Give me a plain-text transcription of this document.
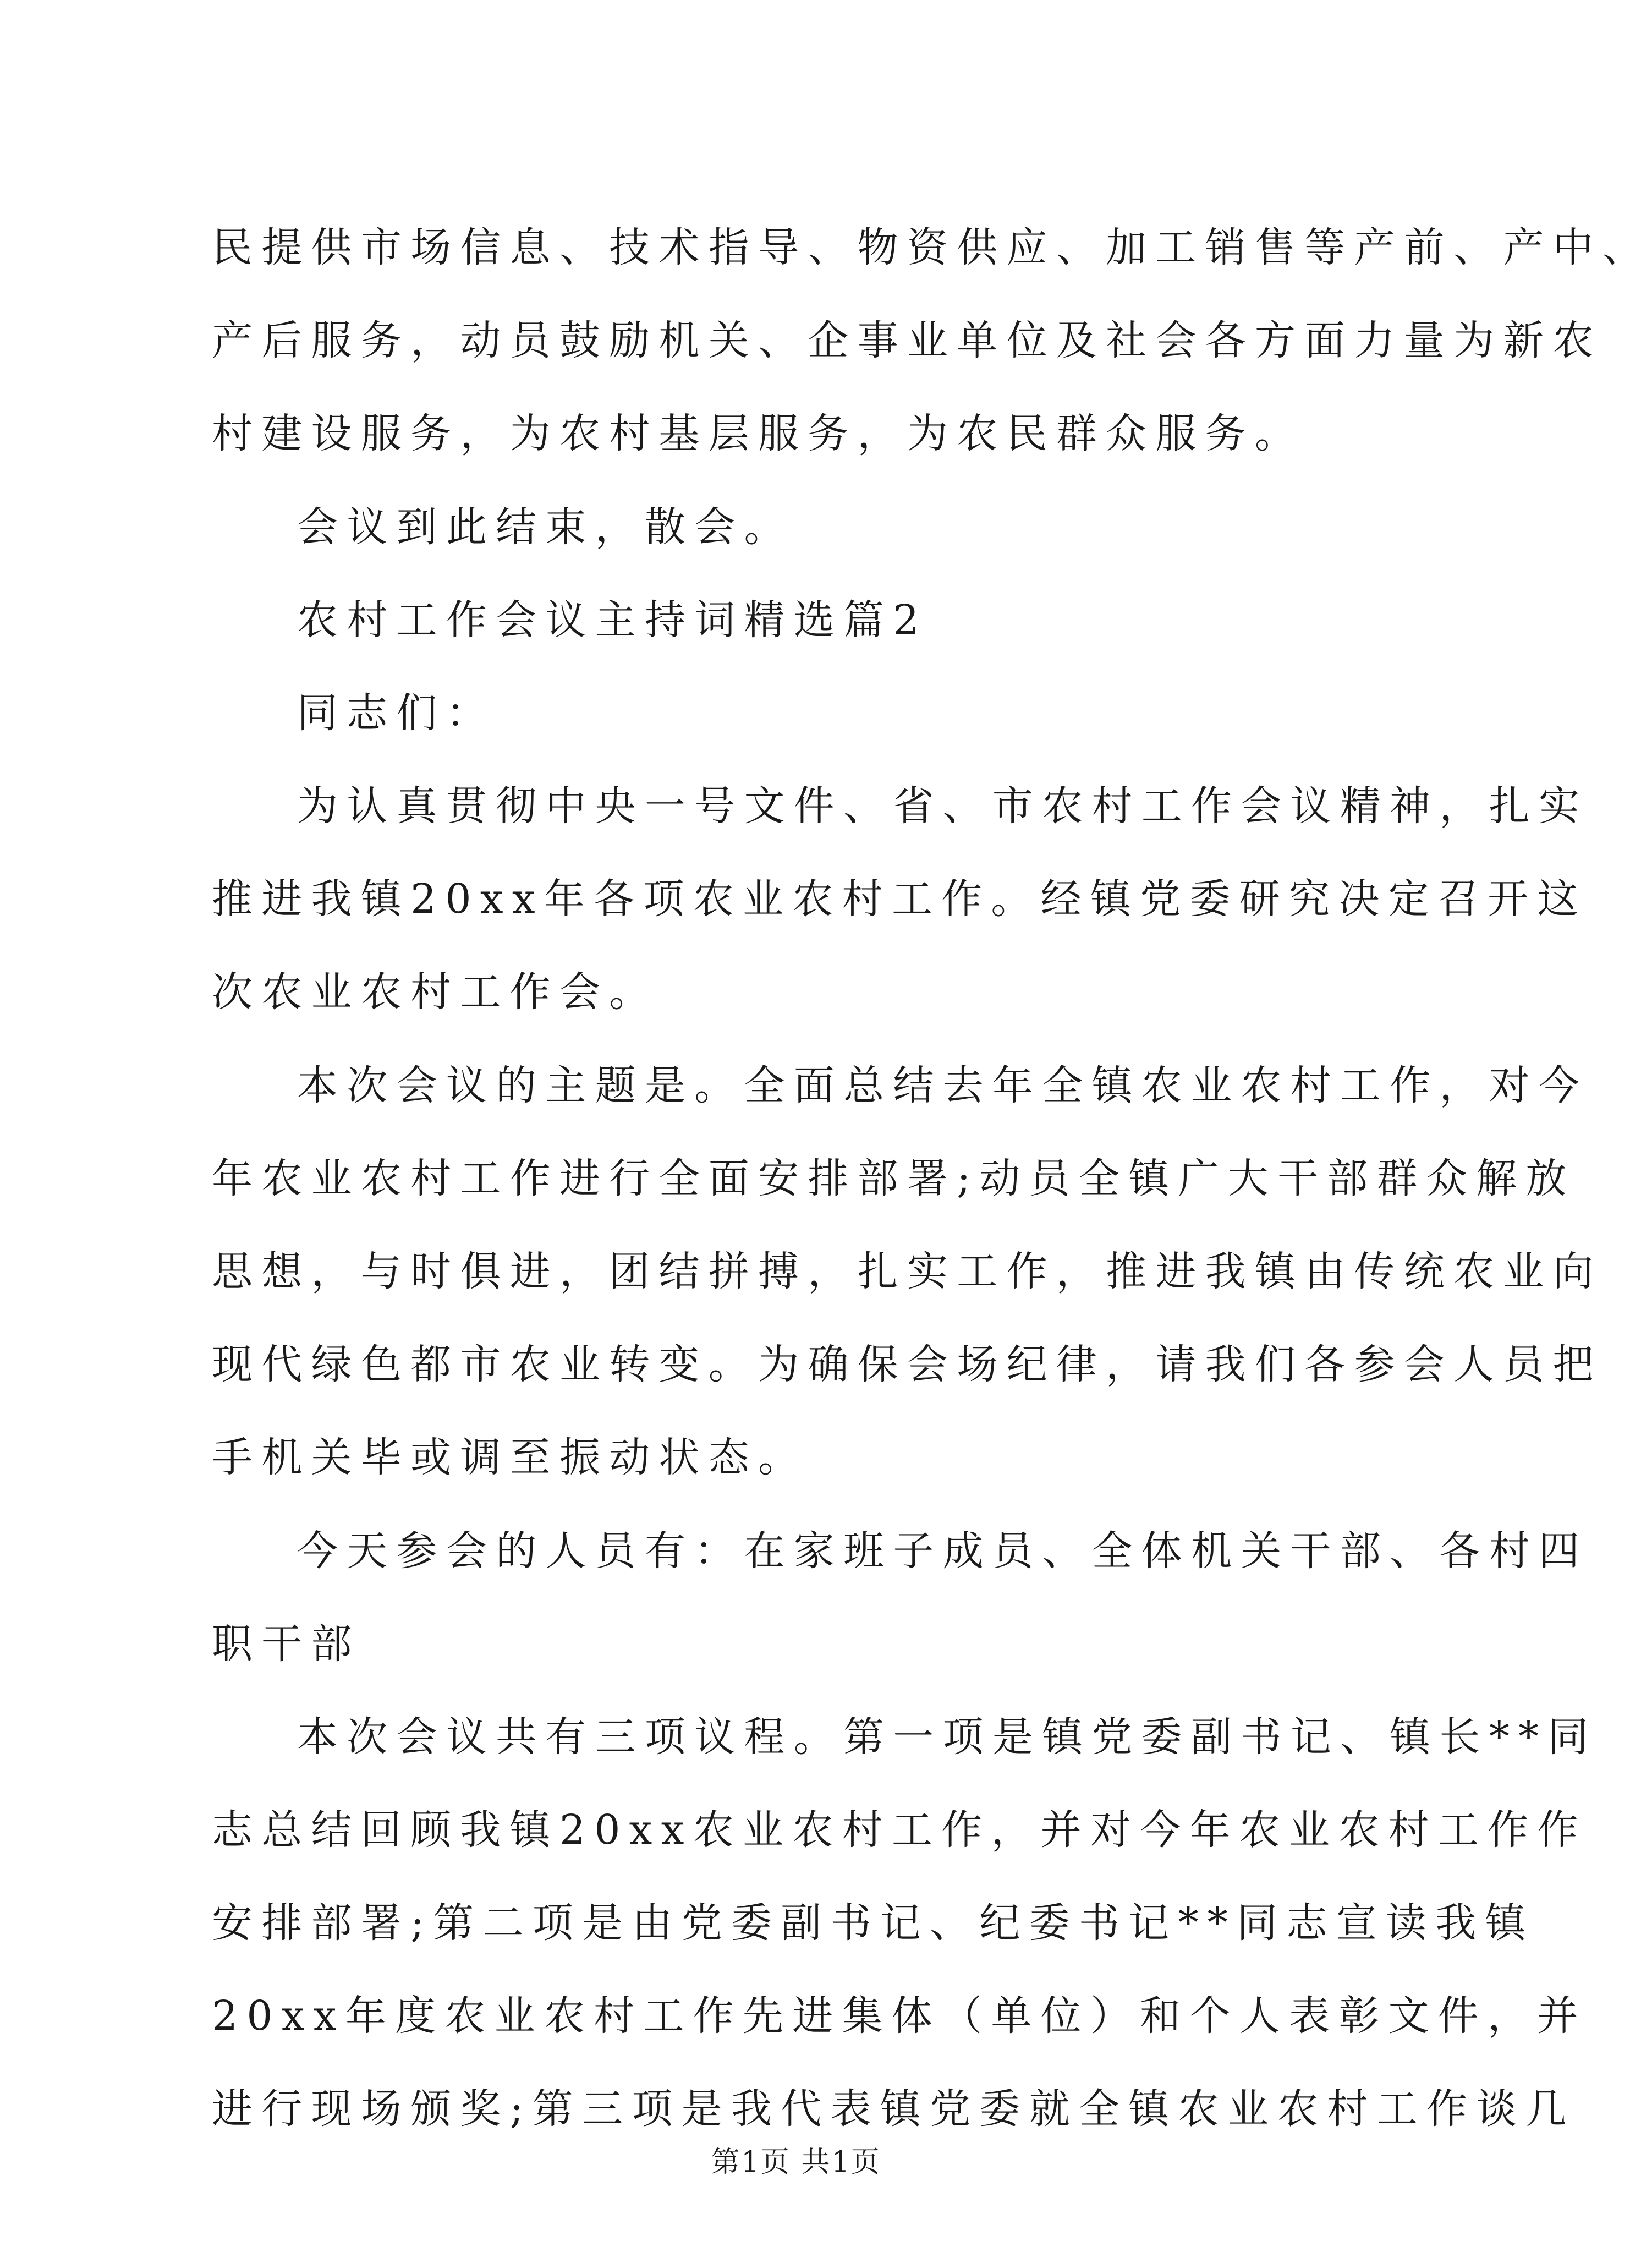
民提供市场信息、技术指导、物资供应、加工销售等产前、产中、
产后服务，动员鼓励机关、企事业单位及社会各方面力量为新农
村建设服务，为农村基层服务，为农民群众服务。
会议到此结束，散会。
农村工作会议主持词精选篇2
同志们：
为认真贯彻中央一号文件、省、市农村工作会议精神，扎实
推进我镇20xx年各项农业农村工作。经镇党委研究决定召开这
次农业农村工作会。
本次会议的主题是。全面总结去年全镇农业农村工作，对今
年农业农村工作进行全面安排部署;动员全镇广大干部群众解放
思想，与时俱进，团结拼搏，扎实工作，推进我镇由传统农业向
现代绿色都市农业转变。为确保会场纪律，请我们各参会人员把
手机关毕或调至振动状态。
今天参会的人员有：在家班子成员、全体机关干部、各村四
职干部
本次会议共有三项议程。第一项是镇党委副书记、镇长**同
志总结回顾我镇20xx农业农村工作，并对今年农业农村工作作
安排部署;第二项是由党委副书记、纪委书记**同志宣读我镇
20xx年度农业农村工作先进集体（单位）和个人表彰文件，并
进行现场颁奖;第三项是我代表镇党委就全镇农业农村工作谈几
第1页 共1页
